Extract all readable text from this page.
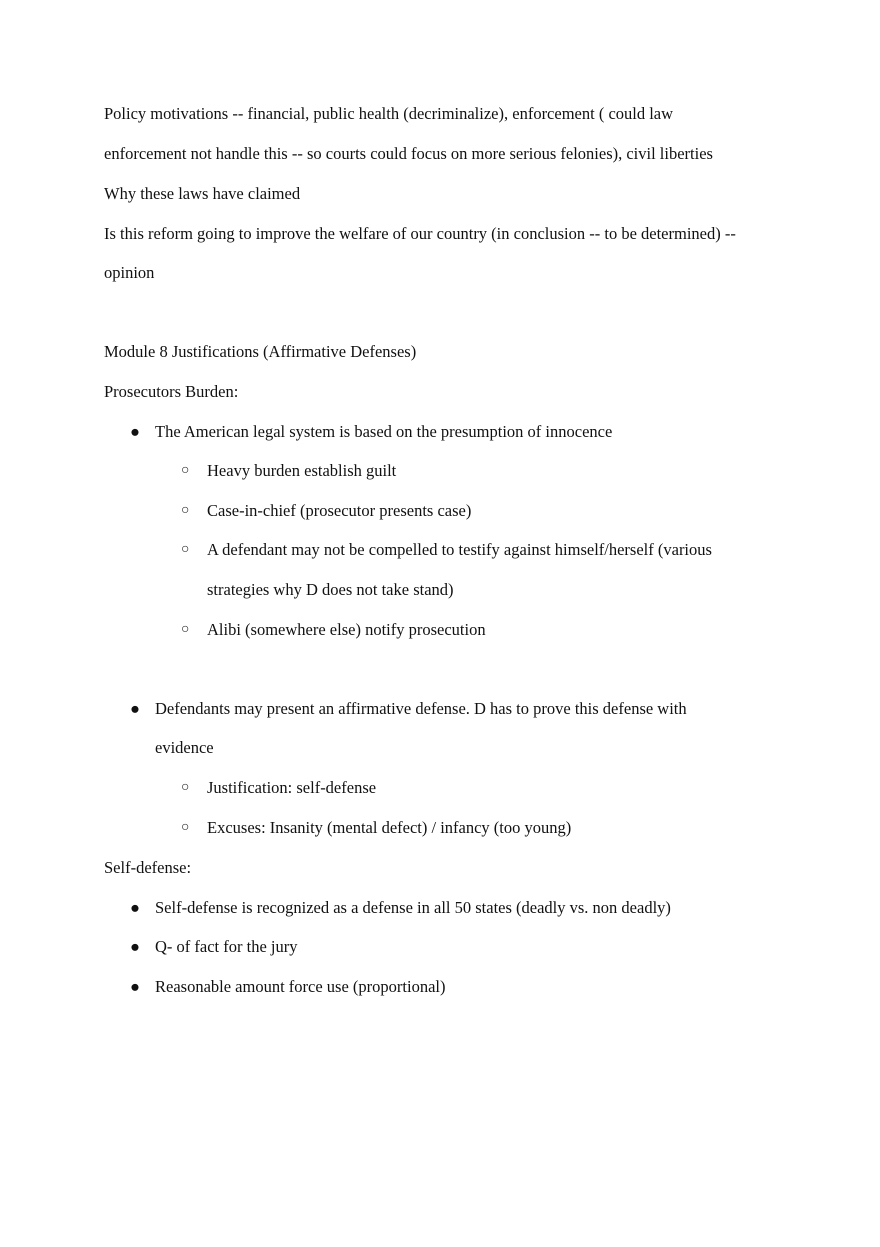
Policy motivations -- financial, public health (decriminalize), enforcement ( could law
enforcement not handle this -- so courts could focus on more serious felonies), civil liberties
Why these laws have claimed
Is this reform going to improve the welfare of our country (in conclusion -- to be determined) --
opinion
Module 8 Justifications (Affirmative Defenses)
Prosecutors Burden:
● The American legal system is based on the presumption of innocence
○ Heavy burden establish guilt
○ Case-in-chief (prosecutor presents case)
○ A defendant may not be compelled to testify against himself/herself (various
strategies why D does not take stand)
○ Alibi (somewhere else) notify prosecution
● Defendants may present an affirmative defense. D has to prove this defense with
evidence
○ Justification: self-defense
○ Excuses: Insanity (mental defect) / infancy (too young)
Self-defense:
● Self-defense is recognized as a defense in all 50 states (deadly vs. non deadly)
● Q- of fact for the jury
● Reasonable amount force use (proportional)
